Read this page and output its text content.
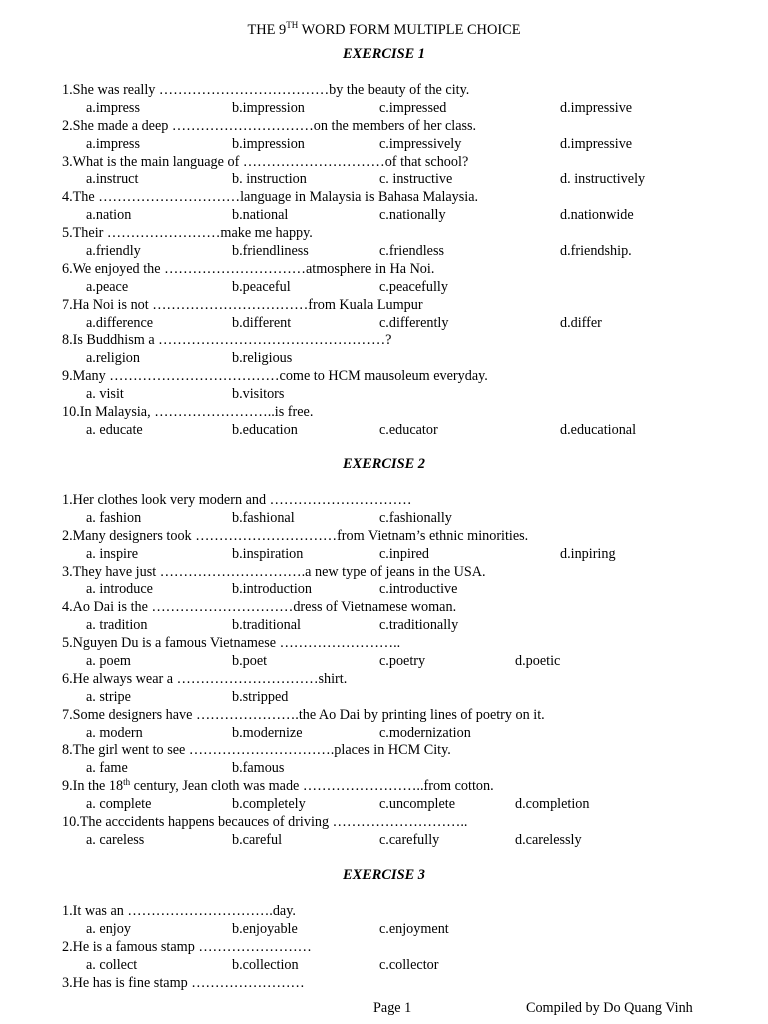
THE 9TH WORD FORM MULTIPLE CHOICE
EXERCISE 1
1.She was really ………………………………by the beauty of the city.
a.impress	b.impression	c.impressed	d.impressive
2.She made a deep …………………………on the members of her class.
a.impress	b.impression	c.impressively	d.impressive
3.What is the main language of …………………………of that school?
a.instruct	b. instruction	c. instructive	d. instructively
4.The …………………………language in Malaysia is Bahasa Malaysia.
a.nation	b.national	c.nationally	d.nationwide
5.Their ……………………make me happy.
a.friendly	b.friendliness	c.friendless	d.friendship.
6.We enjoyed the …………………………atmosphere in Ha Noi.
a.peace	b.peaceful	c.peacefully
7.Ha Noi is not ……………………………from Kuala Lumpur
a.difference	b.different	c.differently	d.differ
8.Is Buddhism a …………………………………………?
a.religion	b.religious
9.Many ………………………………come to HCM mausoleum everyday.
a. visit	b.visitors
10.In Malaysia, ……………………..is free.
a. educate	b.education	c.educator	d.educational
EXERCISE 2
1.Her clothes look very modern and …………………………
a. fashion	b.fashional	c.fashionally
2.Many designers took …………………………from Vietnam’s ethnic minorities.
a. inspire	b.inspiration	c.inpired	d.inpiring
3.They have just ………………………….a new type of jeans in the USA.
a. introduce	b.introduction	c.introductive
4.Ao Dai is the …………………………dress of Vietnamese woman.
a. tradition	b.traditional	c.traditionally
5.Nguyen Du is a famous Vietnamese ……………………..
a. poem	b.poet	c.poetry	d.poetic
6.He always wear a …………………………shirt.
a. stripe	b.stripped
7.Some designers have ………………….the Ao Dai by printing lines of poetry on it.
a. modern	b.modernize	c.modernization
8.The girl went to see ………………………….places in HCM City.
a. fame	b.famous
9.In the 18th century, Jean cloth was made ……………………..from cotton.
a. complete	b.completely	c.uncomplete	d.completion
10.The acccidents happens becauces of driving ………………………..
a. careless	b.careful	c.carefully	d.carelessly
EXERCISE 3
1.It was an ………………………….day.
a. enjoy	b.enjoyable	c.enjoyment
2.He is a famous stamp ……………………
a. collect	b.collection	c.collector
3.He has is fine stamp ……………………
Page 1	Compiled by Do Quang Vinh
